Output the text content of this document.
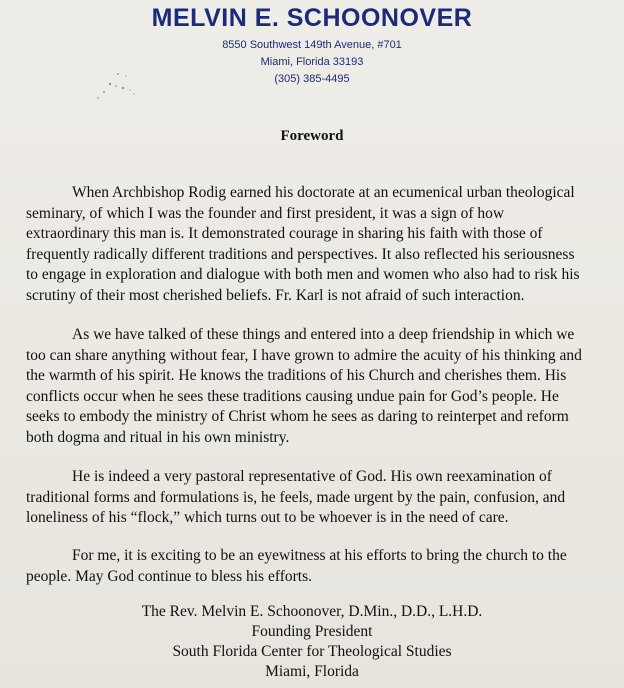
MELVIN E. SCHOONOVER
8550 Southwest 149th Avenue, #701
Miami, Florida 33193
(305) 385-4495
Foreword

When Archbishop Rodig earned his doctorate at an ecumenical urban theological
seminary, of which I was the founder and first president, it was a sign of how
extraordinary this man is. It demonstrated courage in sharing his faith with those of
frequently radically different traditions and perspectives. It also reflected his seriousness
to engage in exploration and dialogue with both men and women who also had to risk his
scrutiny of their most cherished beliefs. Fr. Karl is not afraid of such interaction.

As we have talked of these things and entered into a deep friendship in which we
too can share anything without fear, I have grown to admire the acuity of his thinking and
the warmth of his spirit. He knows the traditions of his Church and cherishes them. His
conflicts occur when he sees these traditions causing undue pain for God’s people. He
seeks to embody the ministry of Christ whom he sees as daring to reinterpet and reform
both dogma and ritual in his own ministry.

He is indeed a very pastoral representative of God. His own reexamination of
traditional forms and formulations is, he feels, made urgent by the pain, confusion, and
loneliness of his “flock,” which turns out to be whoever is in the need of care.

For me, it is exciting to be an eyewitness at his efforts to bring the church to the
people. May God continue to bless his efforts.

The Rev. Melvin E. Schoonover, D.Min., D.D., L.H.D.
Founding President
South Florida Center for Theological Studies
Miami, Florida
